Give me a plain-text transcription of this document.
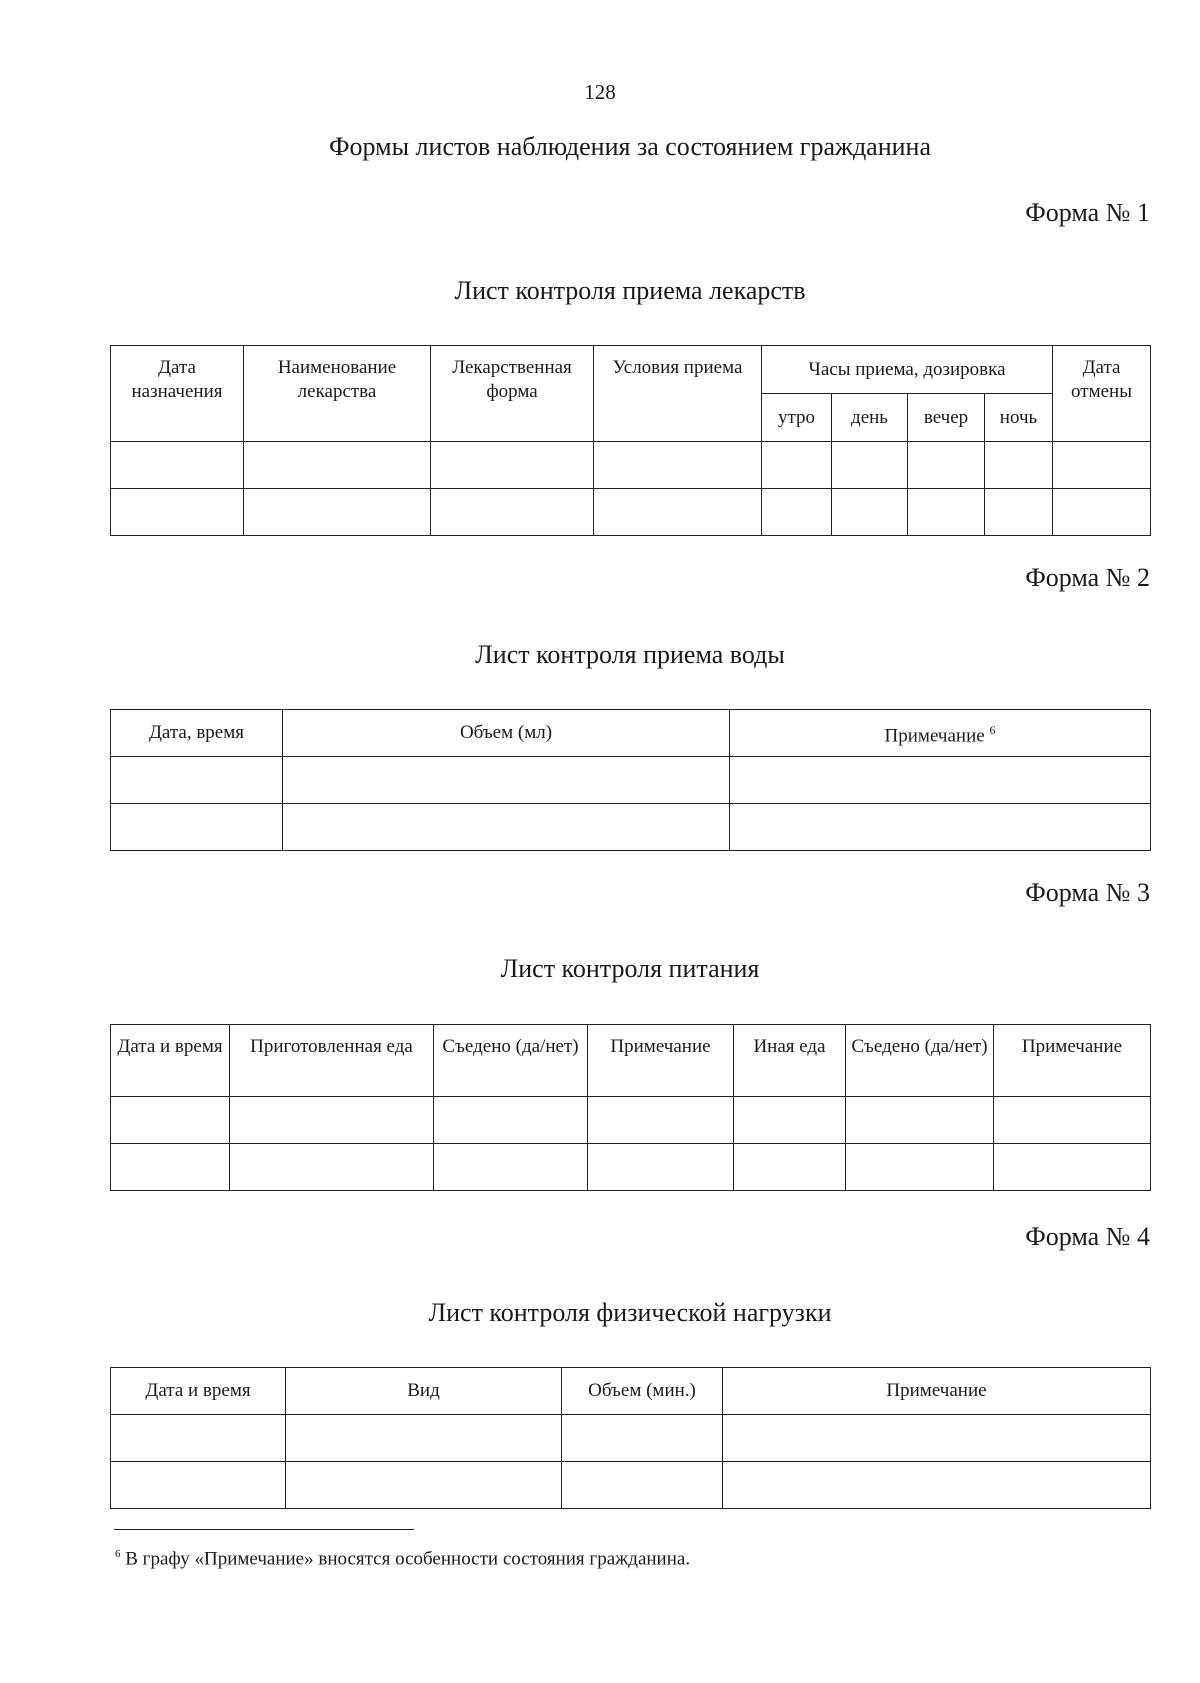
128
Формы листов наблюдения за состоянием гражданина
Форма № 1
Лист контроля приема лекарств
Дата назначения	Наименование лекарства	Лекарственная форма	Условия приема	Часы приема, дозировка				Дата отмены
				утро	день	вечер	ночь	

Форма № 2
Лист контроля приема воды
Дата, время	Объем (мл)	Примечание $^6$

Форма № 3
Лист контроля питания
Дата и время	Приготовленная еда	Съедено (да/нет)	Примечание	Иная еда	Съедено (да/нет)	Примечание

Форма № 4
Лист контроля физической нагрузки
Дата и время	Вид	Объем (мин.)	Примечание

$^6$ В графу «Примечание» вносятся особенности состояния гражданина.
